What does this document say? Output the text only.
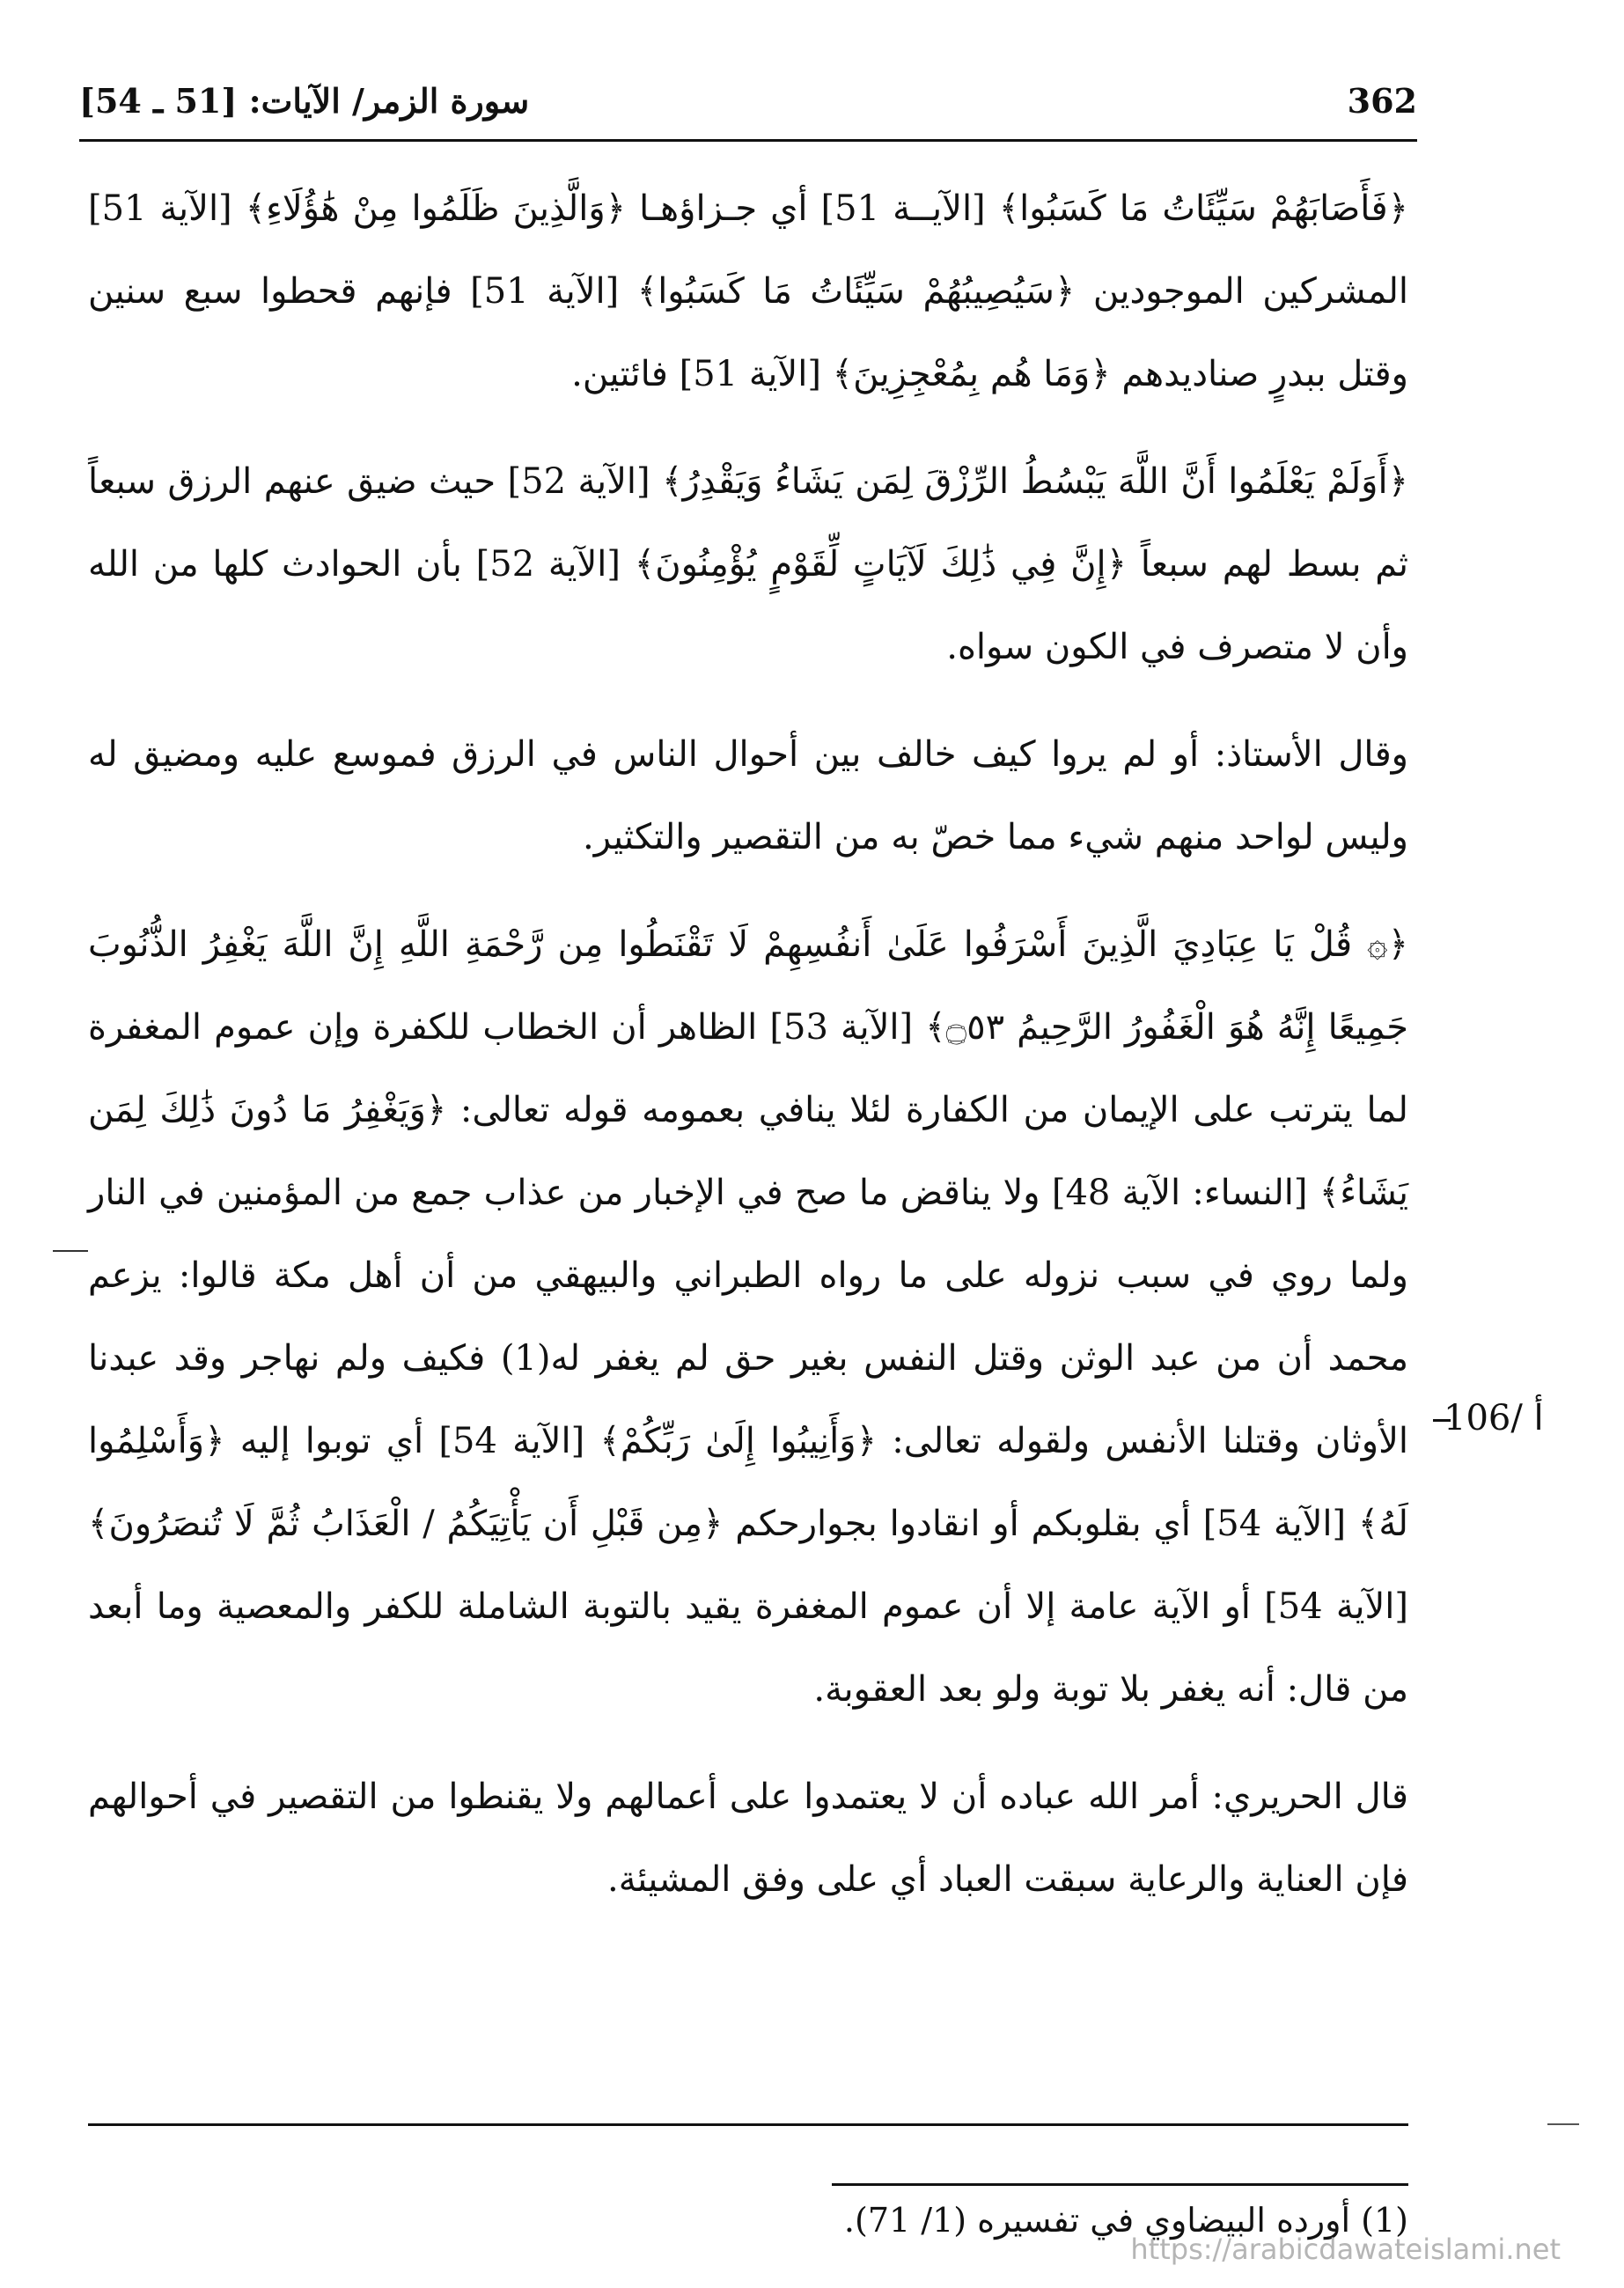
362
سورة الزمر/ الآيات: [51 ـ 54]

﴿فَأَصَابَهُمْ سَيِّئَاتُ مَا كَسَبُوا﴾ [الآيــة 51] أي جـزاؤهـا ﴿وَالَّذِينَ ظَلَمُوا مِنْ هَٰؤُلَاءِ﴾ [الآية 51] المشركين الموجودين ﴿سَيُصِيبُهُمْ سَيِّئَاتُ مَا كَسَبُوا﴾ [الآية 51] فإنهم قحطوا سبع سنين وقتل ببدرٍ صناديدهم ﴿وَمَا هُم بِمُعْجِزِينَ﴾ [الآية 51] فائتين.

﴿أَوَلَمْ يَعْلَمُوا أَنَّ اللَّهَ يَبْسُطُ الرِّزْقَ لِمَن يَشَاءُ وَيَقْدِرُ﴾ [الآية 52] حيث ضيق عنهم الرزق سبعاً ثم بسط لهم سبعاً ﴿إِنَّ فِي ذَٰلِكَ لَآيَاتٍ لِّقَوْمٍ يُؤْمِنُونَ﴾ [الآية 52] بأن الحوادث كلها من الله وأن لا متصرف في الكون سواه.

وقال الأستاذ: أو لم يروا كيف خالف بين أحوال الناس في الرزق فموسع عليه ومضيق له وليس لواحد منهم شيء مما خصّ به من التقصير والتكثير.

﴿۞ قُلْ يَا عِبَادِيَ الَّذِينَ أَسْرَفُوا عَلَىٰ أَنفُسِهِمْ لَا تَقْنَطُوا مِن رَّحْمَةِ اللَّهِ إِنَّ اللَّهَ يَغْفِرُ الذُّنُوبَ جَمِيعًا إِنَّهُ هُوَ الْغَفُورُ الرَّحِيمُ ۝٥٣﴾ [الآية 53] الظاهر أن الخطاب للكفرة وإن عموم المغفرة لما يترتب على الإيمان من الكفارة لئلا ينافي بعمومه قوله تعالى: ﴿وَيَغْفِرُ مَا دُونَ ذَٰلِكَ لِمَن يَشَاءُ﴾ [النساء: الآية 48] ولا يناقض ما صح في الإخبار من عذاب جمع من المؤمنين في النار ولما روي في سبب نزوله على ما رواه الطبراني والبيهقي من أن أهل مكة قالوا: يزعم محمد أن من عبد الوثن وقتل النفس بغير حق لم يغفر له(1) فكيف ولم نهاجر وقد عبدنا الأوثان وقتلنا الأنفس ولقوله تعالى: ﴿وَأَنِيبُوا إِلَىٰ رَبِّكُمْ﴾ [الآية 54] أي توبوا إليه ﴿وَأَسْلِمُوا لَهُ﴾ [الآية 54] أي بقلوبكم أو انقادوا بجوارحكم ﴿مِن قَبْلِ أَن يَأْتِيَكُمُ / الْعَذَابُ ثُمَّ لَا تُنصَرُونَ﴾ [الآية 54] أو الآية عامة إلا أن عموم المغفرة يقيد بالتوبة الشاملة للكفر والمعصية وما أبعد من قال: أنه يغفر بلا توبة ولو بعد العقوبة.

قال الحريري: أمر الله عباده أن لا يعتمدوا على أعمالهم ولا يقنطوا من التقصير في أحوالهم فإن العناية والرعاية سبقت العباد أي على وفق المشيئة.

106/ أ
(1) أورده البيضاوي في تفسيره (1/ 71).
https://arabicdawateislami.net
